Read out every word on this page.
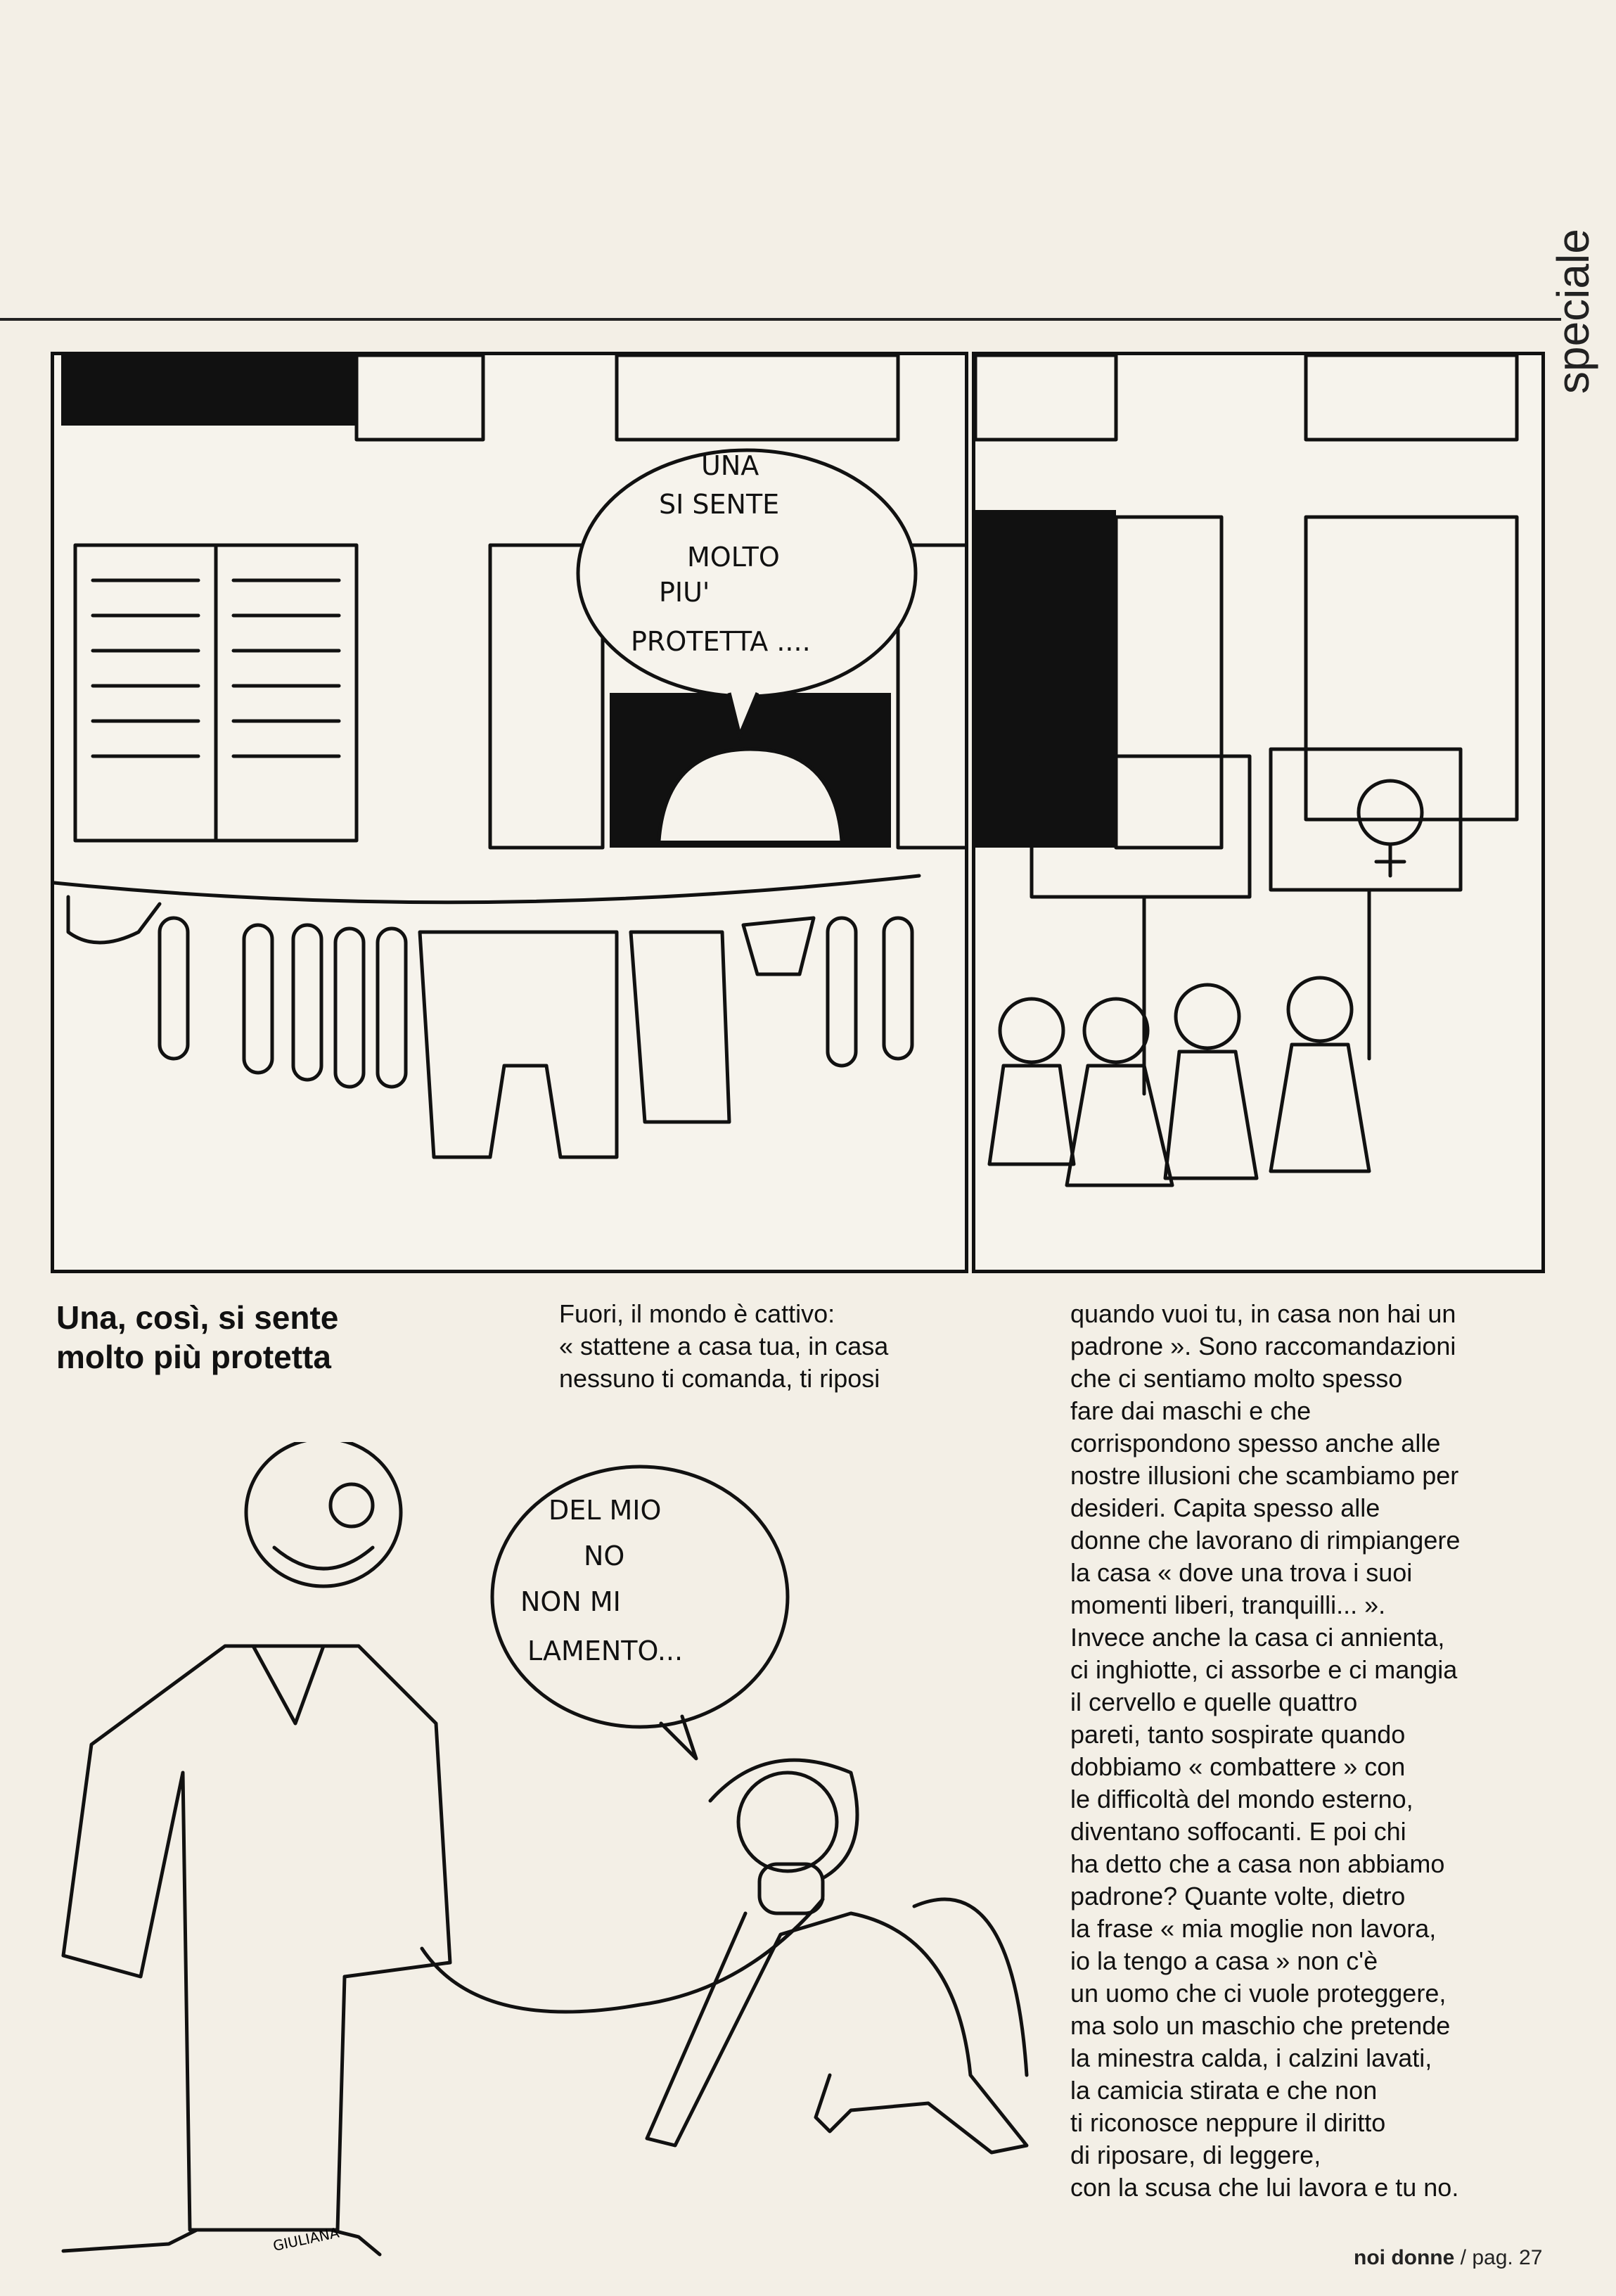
speciale
UNA
SI SENTE
MOLTO
PIU'
PROTETTA ....
Una, così, si sente molto più protetta
Fuori, il mondo è cattivo:
« stattene a casa tua, in casa
nessuno ti comanda, ti riposi
quando vuoi tu, in casa non hai un
padrone ». Sono raccomandazioni
che ci sentiamo molto spesso
fare dai maschi e che
corrispondono spesso anche alle
nostre illusioni che scambiamo per
desideri. Capita spesso alle
donne che lavorano di rimpiangere
la casa « dove una trova i suoi
momenti liberi, tranquilli... ».
Invece anche la casa ci annienta,
ci inghiotte, ci assorbe e ci mangia
il cervello e quelle quattro
pareti, tanto sospirate quando
dobbiamo « combattere » con
le difficoltà del mondo esterno,
diventano soffocanti. E poi chi
ha detto che a casa non abbiamo
padrone? Quante volte, dietro
la frase « mia moglie non lavora,
io la tengo a casa » non c'è
un uomo che ci vuole proteggere,
ma solo un maschio che pretende
la minestra calda, i calzini lavati,
la camicia stirata e che non
ti riconosce neppure il diritto
di riposare, di leggere,
con la scusa che lui lavora e tu no.
DEL MIO
NO
NON MI
LAMENTO...
GIULIANA
noi donne / pag. 27
